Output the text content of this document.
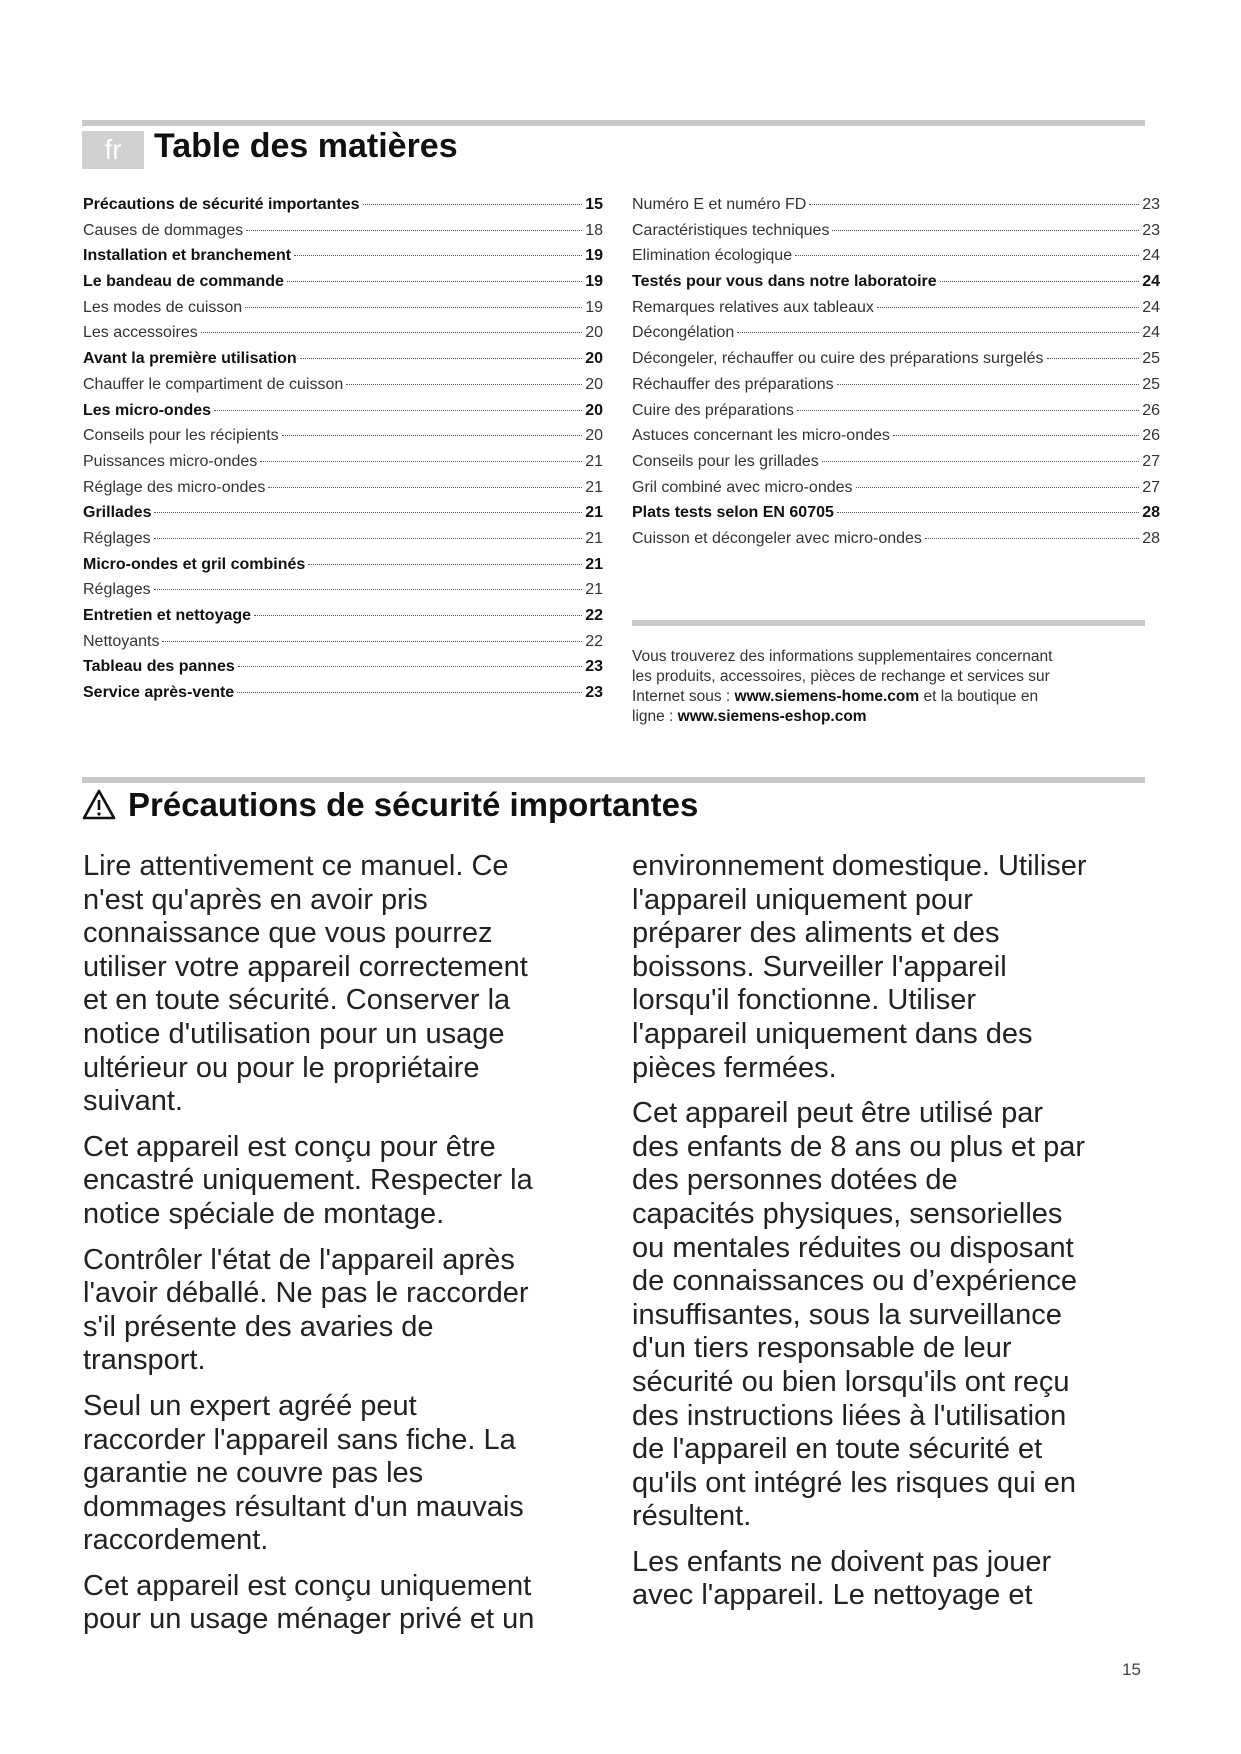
fr Table des matières
Précautions de sécurité importantes	15
Causes de dommages	18
Installation et branchement	19
Le bandeau de commande	19
Les modes de cuisson	19
Les accessoires	20
Avant la première utilisation	20
Chauffer le compartiment de cuisson	20
Les micro-ondes	20
Conseils pour les récipients	20
Puissances micro-ondes	21
Réglage des micro-ondes	21
Grillades	21
Réglages	21
Micro-ondes et gril combinés	21
Réglages	21
Entretien et nettoyage	22
Nettoyants	22
Tableau des pannes	23
Service après-vente	23
Numéro E et numéro FD	23
Caractéristiques techniques	23
Elimination écologique	24
Testés pour vous dans notre laboratoire	24
Remarques relatives aux tableaux	24
Décongélation	24
Décongeler, réchauffer ou cuire des préparations surgelés	25
Réchauffer des préparations	25
Cuire des préparations	26
Astuces concernant les micro-ondes	26
Conseils pour les grillades	27
Gril combiné avec micro-ondes	27
Plats tests selon EN 60705	28
Cuisson et décongeler avec micro-ondes	28
Vous trouverez des informations supplementaires concernant
les produits, accessoires, pièces de rechange et services sur
Internet sous : www.siemens-home.com et la boutique en
ligne : www.siemens-eshop.com
Précautions de sécurité importantes
Lire attentivement ce manuel. Ce
n'est qu'après en avoir pris
connaissance que vous pourrez
utiliser votre appareil correctement
et en toute sécurité. Conserver la
notice d'utilisation pour un usage
ultérieur ou pour le propriétaire
suivant.
Cet appareil est conçu pour être
encastré uniquement. Respecter la
notice spéciale de montage.
Contrôler l'état de l'appareil après
l'avoir déballé. Ne pas le raccorder
s'il présente des avaries de
transport.
Seul un expert agréé peut
raccorder l'appareil sans fiche. La
garantie ne couvre pas les
dommages résultant d'un mauvais
raccordement.
Cet appareil est conçu uniquement
pour un usage ménager privé et un
environnement domestique. Utiliser
l'appareil uniquement pour
préparer des aliments et des
boissons. Surveiller l'appareil
lorsqu'il fonctionne. Utiliser
l'appareil uniquement dans des
pièces fermées.
Cet appareil peut être utilisé par
des enfants de 8 ans ou plus et par
des personnes dotées de
capacités physiques, sensorielles
ou mentales réduites ou disposant
de connaissances ou d’expérience
insuffisantes, sous la surveillance
d'un tiers responsable de leur
sécurité ou bien lorsqu'ils ont reçu
des instructions liées à l'utilisation
de l'appareil en toute sécurité et
qu'ils ont intégré les risques qui en
résultent.
Les enfants ne doivent pas jouer
avec l'appareil. Le nettoyage et
15
